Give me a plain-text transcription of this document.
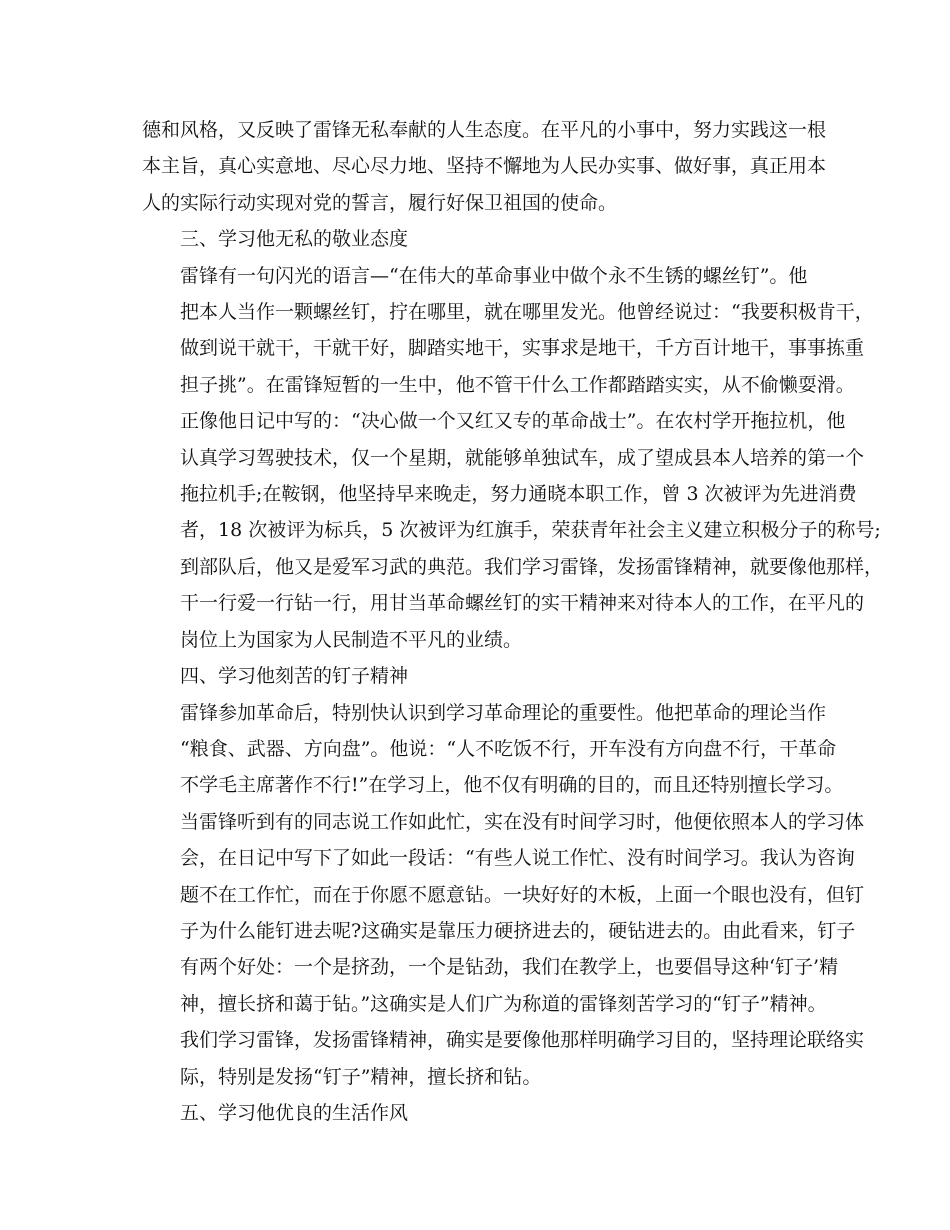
德和风格，又反映了雷锋无私奉献的人生态度。在平凡的小事中，努力实践这一根
本主旨，真心实意地、尽心尽力地、坚持不懈地为人民办实事、做好事，真正用本
人的实际行动实现对党的誓言，履行好保卫祖国的使命。

三、学习他无私的敬业态度

雷锋有一句闪光的语言—“在伟大的革命事业中做个永不生锈的螺丝钉”。他
把本人当作一颗螺丝钉，拧在哪里，就在哪里发光。他曾经说过：“我要积极肯干，
做到说干就干，干就干好，脚踏实地干，实事求是地干，千方百计地干，事事拣重
担子挑”。在雷锋短暂的一生中，他不管干什么工作都踏踏实实，从不偷懒耍滑。
正像他日记中写的：“决心做一个又红又专的革命战士”。在农村学开拖拉机，他
认真学习驾驶技术，仅一个星期，就能够单独试车，成了望成县本人培养的第一个
拖拉机手;在鞍钢，他坚持早来晚走，努力通晓本职工作，曾 3 次被评为先进消费
者，18 次被评为标兵，5 次被评为红旗手，荣获青年社会主义建立积极分子的称号;
到部队后，他又是爱军习武的典范。我们学习雷锋，发扬雷锋精神，就要像他那样，
干一行爱一行钻一行，用甘当革命螺丝钉的实干精神来对待本人的工作，在平凡的
岗位上为国家为人民制造不平凡的业绩。

四、学习他刻苦的钉子精神

雷锋参加革命后，特别快认识到学习革命理论的重要性。他把革命的理论当作
“粮食、武器、方向盘”。他说：“人不吃饭不行，开车没有方向盘不行，干革命
不学毛主席著作不行!”在学习上，他不仅有明确的目的，而且还特别擅长学习。
当雷锋听到有的同志说工作如此忙，实在没有时间学习时，他便依照本人的学习体
会，在日记中写下了如此一段话：“有些人说工作忙、没有时间学习。我认为咨询
题不在工作忙，而在于你愿不愿意钻。一块好好的木板，上面一个眼也没有，但钉
子为什么能钉进去呢?这确实是靠压力硬挤进去的，硬钻进去的。由此看来，钉子
有两个好处：一个是挤劲，一个是钻劲，我们在教学上，也要倡导这种‘钉子’精
神，擅长挤和蔼于钻。”这确实是人们广为称道的雷锋刻苦学习的“钉子”精神。
我们学习雷锋，发扬雷锋精神，确实是要像他那样明确学习目的，坚持理论联络实
际，特别是发扬“钉子”精神，擅长挤和钻。

五、学习他优良的生活作风
